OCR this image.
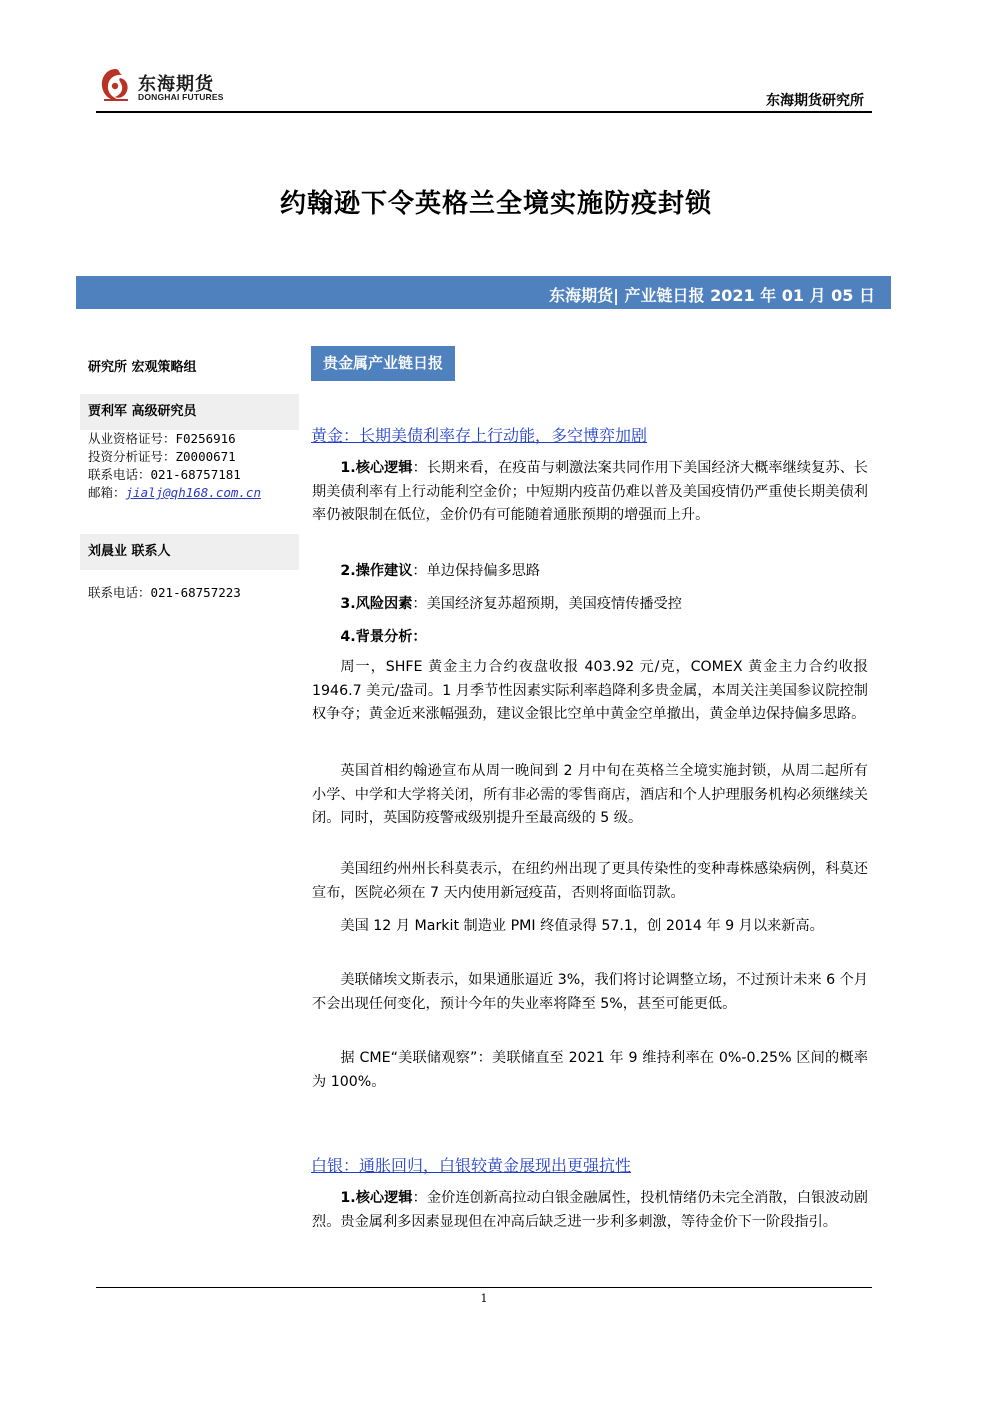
东海期货
DONGHAI FUTURES	东海期货研究所
约翰逊下令英格兰全境实施防疫封锁
东海期货| 产业链日报 2021 年 01 月 05 日
研究所 宏观策略组
贾利军 高级研究员
从业资格证号：F0256916
投资分析证号：Z0000671
联系电话：021-68757181
邮箱：jialj@qh168.com.cn
刘晨业 联系人
联系电话：021-68757223
贵金属产业链日报
黄金：长期美债利率存上行动能，多空博弈加剧
1.核心逻辑：长期来看，在疫苗与刺激法案共同作用下美国经济大概率继续复苏、长期美债利率有上行动能利空金价；中短期内疫苗仍难以普及美国疫情仍严重使长期美债利率仍被限制在低位，金价仍有可能随着通胀预期的增强而上升。
2.操作建议：单边保持偏多思路
3.风险因素：美国经济复苏超预期，美国疫情传播受控
4.背景分析：
周一，SHFE 黄金主力合约夜盘收报 403.92 元/克，COMEX 黄金主力合约收报 1946.7 美元/盎司。1 月季节性因素实际利率趋降利多贵金属，本周关注美国参议院控制权争夺；黄金近来涨幅强劲，建议金银比空单中黄金空单撤出，黄金单边保持偏多思路。
英国首相约翰逊宣布从周一晚间到 2 月中旬在英格兰全境实施封锁，从周二起所有小学、中学和大学将关闭，所有非必需的零售商店，酒店和个人护理服务机构必须继续关闭。同时，英国防疫警戒级别提升至最高级的 5 级。
美国纽约州州长科莫表示，在纽约州出现了更具传染性的变种毒株感染病例，科莫还宣布，医院必须在 7 天内使用新冠疫苗，否则将面临罚款。
美国 12 月 Markit 制造业 PMI 终值录得 57.1，创 2014 年 9 月以来新高。
美联储埃文斯表示，如果通胀逼近 3%，我们将讨论调整立场，不过预计未来 6 个月不会出现任何变化，预计今年的失业率将降至 5%，甚至可能更低。
据 CME“美联储观察”：美联储直至 2021 年 9 维持利率在 0%-0.25% 区间的概率为 100%。
白银：通胀回归，白银较黄金展现出更强抗性
1.核心逻辑：金价连创新高拉动白银金融属性，投机情绪仍未完全消散，白银波动剧烈。贵金属利多因素显现但在冲高后缺乏进一步利多刺激，等待金价下一阶段指引。
1
